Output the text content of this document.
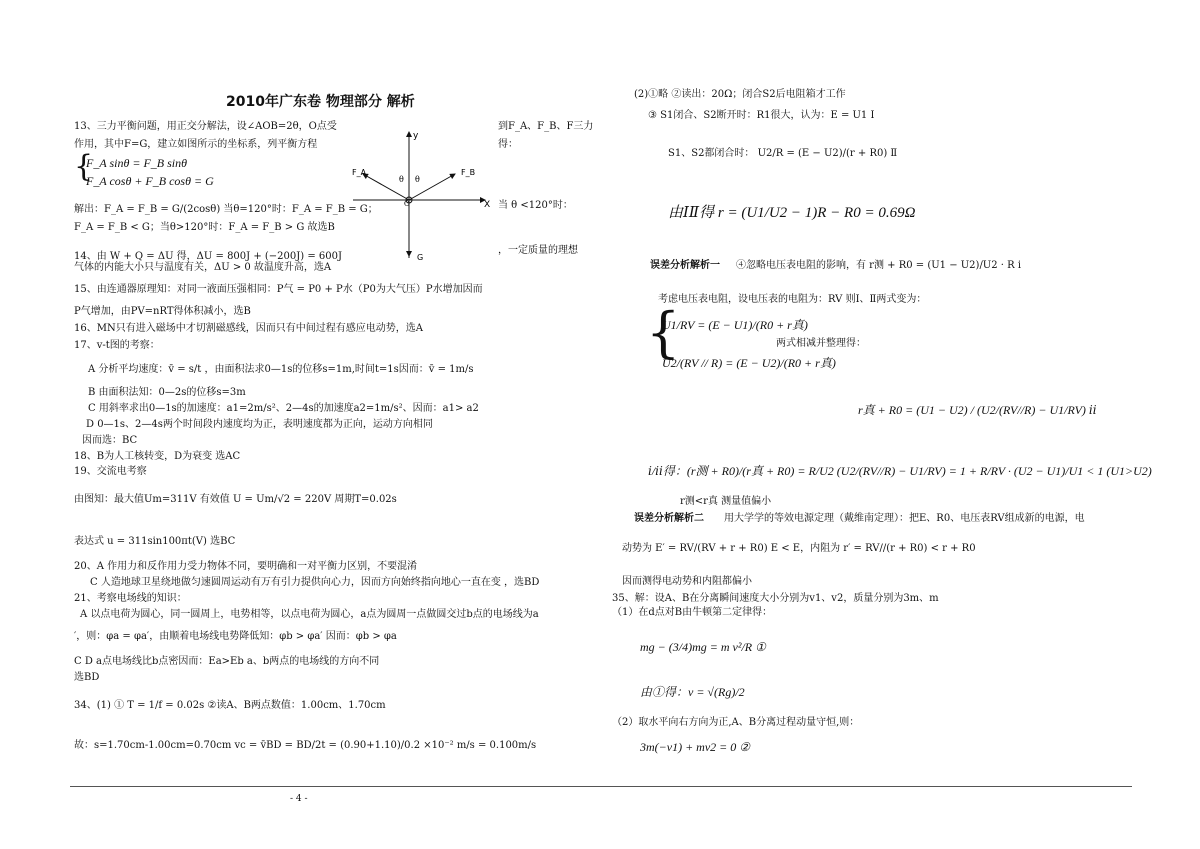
2010年广东卷 物理部分 解析
13、三力平衡问题，用正交分解法，设∠AOB=2θ，O点受
作用，其中F=G，建立如图所示的坐标系，列平衡方程
到F_A、F_B、F三力
得：
{
F_A sinθ = F_B sinθ
F_A cosθ + F_B cosθ = G
解出：F_A = F_B = G/(2cosθ) 当θ=120°时：F_A = F_B = G；	当 θ <120°时：
F_A = F_B < G；当θ>120°时：F_A = F_B > G 故选B
14、由 W + Q = ΔU 得，ΔU = 800J + (−200J) = 600J
，一定质量的理想
气体的内能大小只与温度有关，ΔU > 0 故温度升高，选A
15、由连通器原理知：对同一液面压强相同：P气 = P0 + P水（P0为大气压）P水增加因而
P气增加，由PV=nRT得体积减小，选B
16、MN只有进入磁场中才切割磁感线，因而只有中间过程有感应电动势，选A
17、v-t图的考察：
A 分析平均速度：v̄ = s/t ，由面积法求0—1s的位移s=1m,时间t=1s因而：v̄ = 1m/s
B 由面积法知：0—2s的位移s=3m
C 用斜率求出0—1s的加速度：a1=2m/s²、2—4s的加速度a2=1m/s²、因而：a1> a2
D 0—1s、2—4s两个时间段内速度均为正，表明速度都为正向，运动方向相同
因而选：BC
18、B为人工核转变，D为衰变 选AC
19、交流电考察
由图知：最大值Um=311V 有效值 U = Um/√2 = 220V 周期T=0.02s
表达式 u = 311sin100πt(V) 选BC
20、A 作用力和反作用力受力物体不同，要明确和一对平衡力区别，不要混淆
C 人造地球卫星绕地做匀速圆周运动有万有引力提供向心力，因而方向始终指向地心一直在变 ，选BD
21、考察电场线的知识：
A 以点电荷为圆心，同一圆周上，电势相等，以点电荷为圆心，a点为圆周一点做圆交过b点的电场线为a
′，则：φa = φa′，由顺着电场线电势降低知：φb > φa′ 因而：φb > φa
C D a点电场线比b点密因而：Ea>Eb a、b两点的电场线的方向不同
选BD
34、(1) ① T = 1/f = 0.02s ②读A、B两点数值：1.00cm、1.70cm
故：s=1.70cm-1.00cm=0.70cm vc = v̄BD = BD/2t = (0.90+1.10)/0.2 ×10⁻² m/s = 0.100m/s
y
X
F_A	F_B
G
θ θ
O
(2)①略 ②读出：20Ω；闭合S2后电阻箱才工作
③ S1闭合、S2断开时：R1很大，认为：E = U1 Ⅰ
S1、S2都闭合时： U2/R = (E − U2)/(r + R0) Ⅱ
由ⅠⅡ得 r = (U1/U2 − 1)R − R0 = 0.69Ω
误差分析解析一 ④忽略电压表电阻的影响，有 r测 + R0 = (U1 − U2)/U2 · R ⅰ
考虑电压表电阻，设电压表的电阻为：RV 则Ⅰ、Ⅱ两式变为：
{
U1/RV = (E − U1)/(R0 + r真)
U2/(RV // R) = (E − U2)/(R0 + r真)
两式相减并整理得：
r真 + R0 = (U1 − U2) / (U2/(RV//R) − U1/RV) ⅱ
ⅰ/ⅱ得：(r测 + R0)/(r真 + R0) = R/U2 (U2/(RV//R) − U1/RV) = 1 + R/RV · (U2 − U1)/U1 < 1 (U1>U2)
r测<r真 测量值偏小
误差分析解析二 用大学学的等效电源定理（戴维南定理）：把E、R0、电压表RV组成新的电源，电
动势为 E′ = RV/(RV + r + R0) E < E，内阻为 r′ = RV//(r + R0) < r + R0
因而测得电动势和内阻都偏小
35、解：设A、B在分离瞬间速度大小分别为v1、v2，质量分别为3m、m
（1）在d点对B由牛顿第二定律得：
mg − (3/4)mg = m v²/R ①
由①得：v = √(Rg)/2
（2）取水平向右方向为正,A、B分离过程动量守恒,则：
3m(−v1) + mv2 = 0 ②
- 4 -
